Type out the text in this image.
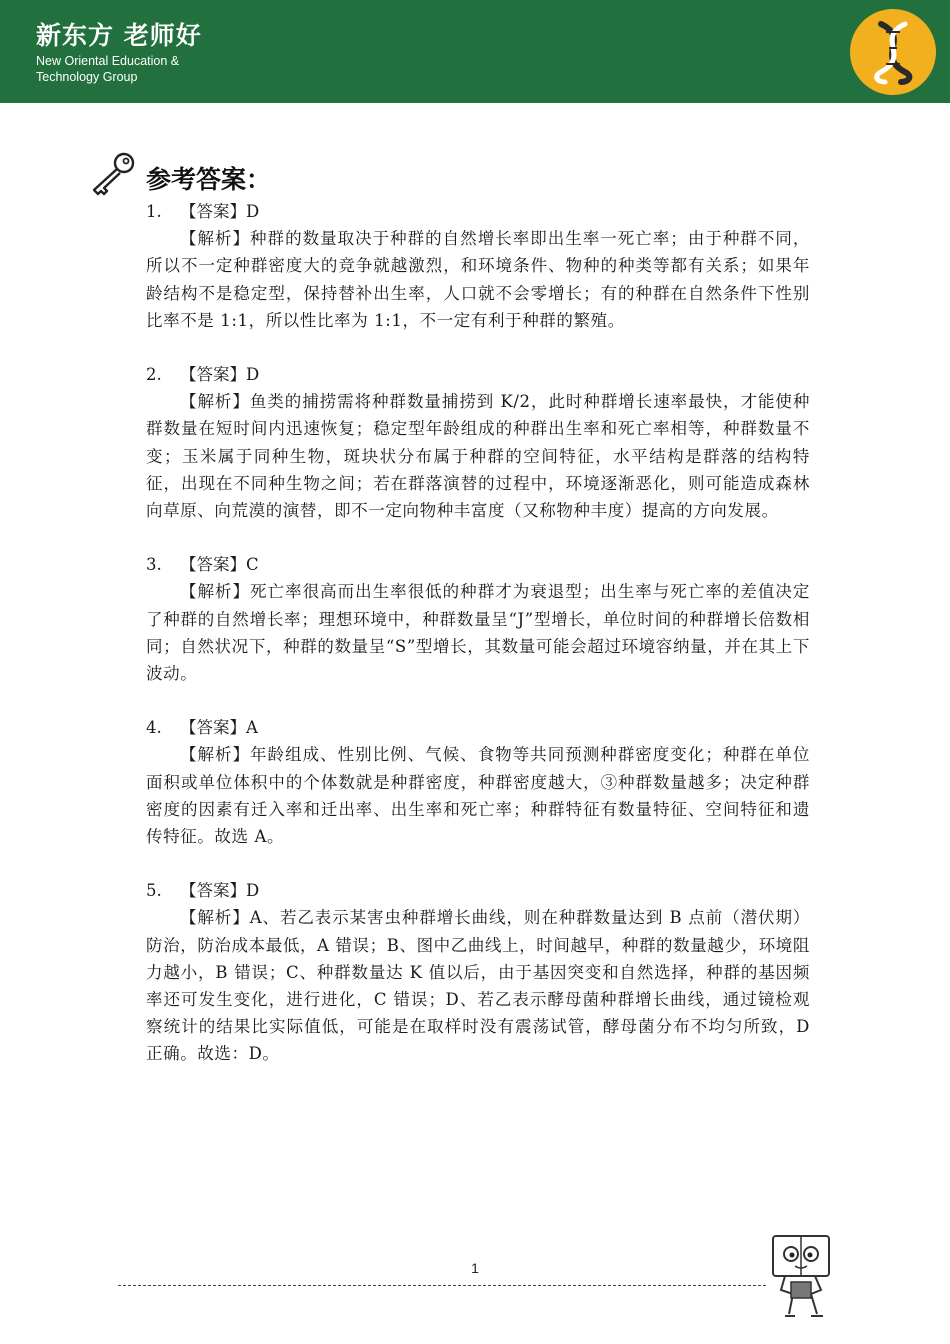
新东方 老师好
New Oriental Education &
Technology Group
参考答案：
1. 【答案】D

【解析】种群的数量取决于种群的自然增长率即出生率一死亡率；由于种群不同，所以不一定种群密度大的竞争就越激烈，和环境条件、物种的种类等都有关系；如果年龄结构不是稳定型，保持替补出生率，人口就不会零增长；有的种群在自然条件下性别比率不是 1:1，所以性比率为 1:1，不一定有利于种群的繁殖。

2. 【答案】D

【解析】鱼类的捕捞需将种群数量捕捞到 K/2，此时种群增长速率最快，才能使种群数量在短时间内迅速恢复；稳定型年龄组成的种群出生率和死亡率相等，种群数量不变；玉米属于同种生物，斑块状分布属于种群的空间特征，水平结构是群落的结构特征，出现在不同种生物之间；若在群落演替的过程中，环境逐渐恶化，则可能造成森林向草原、向荒漠的演替，即不一定向物种丰富度（又称物种丰度）提高的方向发展。

3. 【答案】C

【解析】死亡率很高而出生率很低的种群才为衰退型；出生率与死亡率的差值决定了种群的自然增长率；理想环境中，种群数量呈“J”型增长，单位时间的种群增长倍数相同；自然状况下，种群的数量呈“S”型增长，其数量可能会超过环境容纳量，并在其上下波动。

4. 【答案】A

【解析】年龄组成、性别比例、气候、食物等共同预测种群密度变化；种群在单位面积或单位体积中的个体数就是种群密度，种群密度越大，③种群数量越多；决定种群密度的因素有迁入率和迁出率、出生率和死亡率；种群特征有数量特征、空间特征和遗传特征。故选 A。

5. 【答案】D

【解析】A、若乙表示某害虫种群增长曲线，则在种群数量达到 B 点前（潜伏期）防治，防治成本最低，A 错误；B、图中乙曲线上，时间越早，种群的数量越少，环境阻力越小，B 错误；C、种群数量达 K 值以后，由于基因突变和自然选择，种群的基因频率还可发生变化，进行进化，C 错误；D、若乙表示酵母菌种群增长曲线，通过镜检观察统计的结果比实际值低，可能是在取样时没有震荡试管，酵母菌分布不均匀所致，D 正确。故选：D。

1
